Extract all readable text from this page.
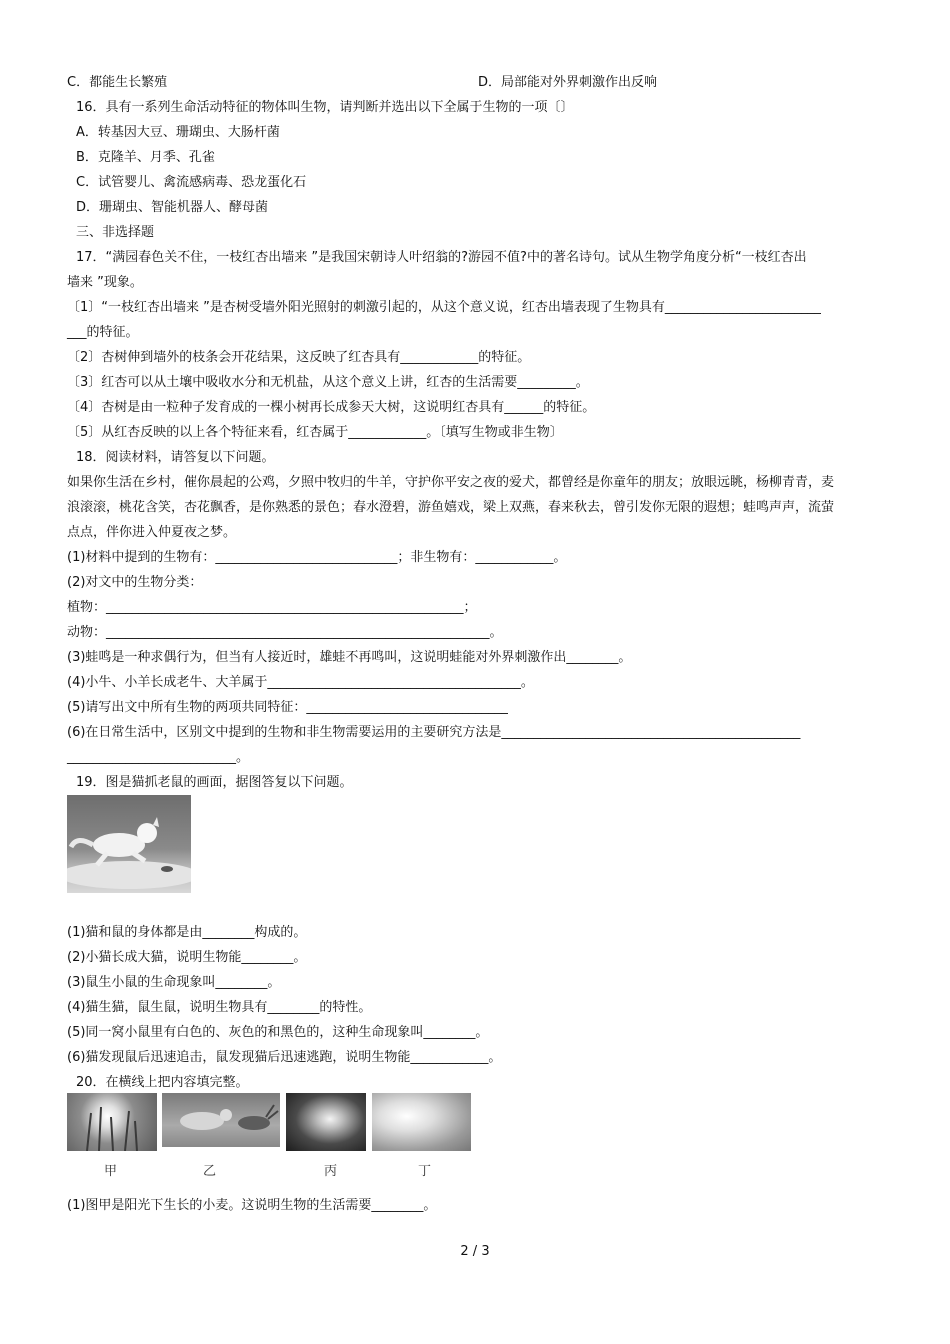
C．都能生长繁殖	D．局部能对外界刺激作出反响
16．具有一系列生命活动特征的物体叫生物，请判断并选出以下全属于生物的一项〔〕
A．转基因大豆、珊瑚虫、大肠杆菌
B．克隆羊、月季、孔雀
C．试管婴儿、禽流感病毒、恐龙蛋化石
D．珊瑚虫、智能机器人、酵母菌
三、非选择题
17．“满园春色关不住，一枝红杏出墙来 ”是我国宋朝诗人叶绍翁的?游园不值?中的著名诗句。试从生物学角度分析“一枝红杏出
墙来 ”现象。
〔1〕“一枝红杏出墙来 ”是杏树受墙外阳光照射的刺激引起的，从这个意义说，红杏出墙表现了生物具有________________________
___的特征。
〔2〕杏树伸到墙外的枝条会开花结果，这反映了红杏具有____________的特征。
〔3〕红杏可以从土壤中吸收水分和无机盐，从这个意义上讲，红杏的生活需要_________。
〔4〕杏树是由一粒种子发育成的一棵小树再长成参天大树，这说明红杏具有______的特征。
〔5〕从红杏反映的以上各个特征来看，红杏属于____________。〔填写生物或非生物〕
18．阅读材料，请答复以下问题。
如果你生活在乡村，催你晨起的公鸡，夕照中牧归的牛羊，守护你平安之夜的爱犬，都曾经是你童年的朋友；放眼远眺，杨柳青青，麦
浪滚滚，桃花含笑，杏花飘香，是你熟悉的景色；春水澄碧，游鱼嬉戏，梁上双燕，春来秋去，曾引发你无限的遐想；蛙鸣声声，流萤
点点，伴你进入仲夏夜之梦。
(1)材料中提到的生物有：____________________________；非生物有：____________。
(2)对文中的生物分类：
植物：_______________________________________________________；
动物：___________________________________________________________。
(3)蛙鸣是一种求偶行为，但当有人接近时，雄蛙不再鸣叫，这说明蛙能对外界刺激作出________。
(4)小牛、小羊长成老牛、大羊属于_______________________________________。
(5)请写出文中所有生物的两项共同特征：_______________________________
(6)在日常生活中，区别文中提到的生物和非生物需要运用的主要研究方法是______________________________________________
__________________________。
19．图是猫抓老鼠的画面，据图答复以下问题。
(1)猫和鼠的身体都是由________构成的。
(2)小猫长成大猫，说明生物能________。
(3)鼠生小鼠的生命现象叫________。
(4)猫生猫，鼠生鼠，说明生物具有________的特性。
(5)同一窝小鼠里有白色的、灰色的和黑色的，这种生命现象叫________。
(6)猫发现鼠后迅速追击，鼠发现猫后迅速逃跑，说明生物能____________。
20．在横线上把内容填完整。
甲	乙	丙	丁
(1)图甲是阳光下生长的小麦。这说明生物的生活需要________。
2 / 3
